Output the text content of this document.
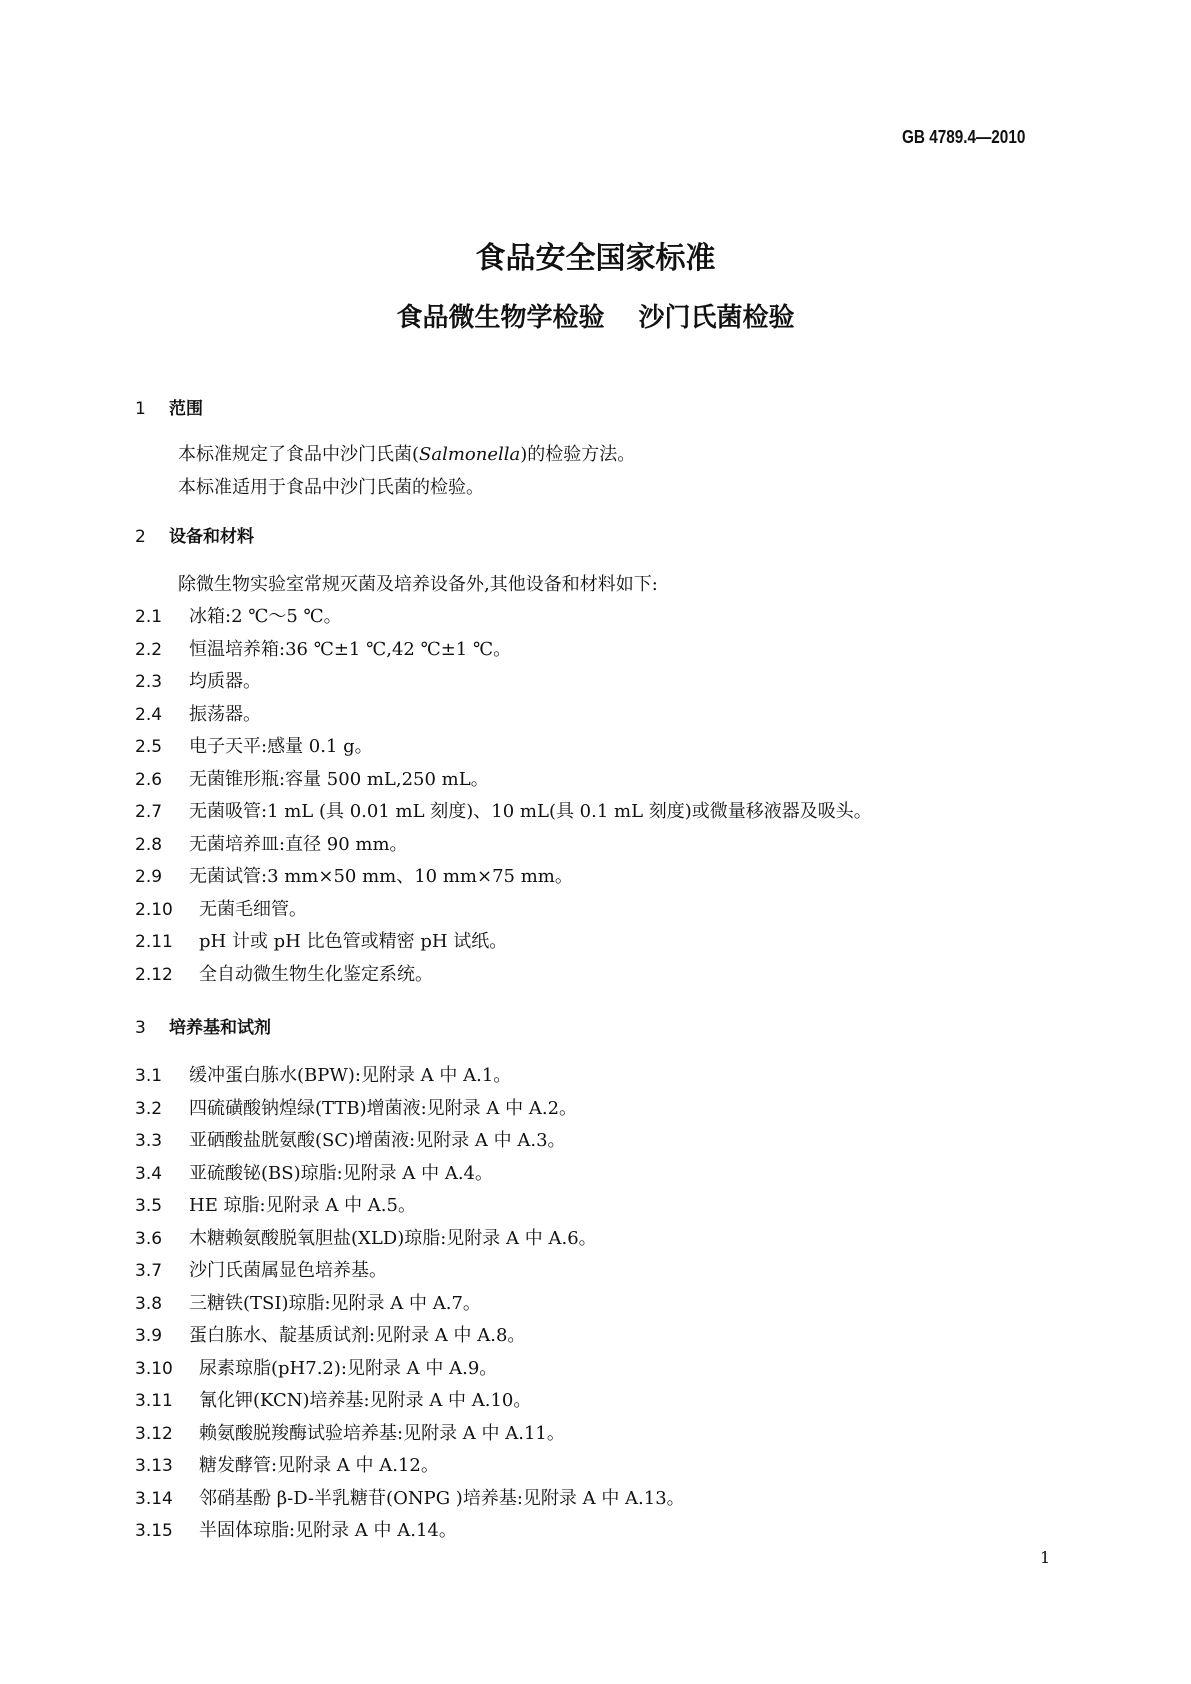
GB 4789.4—2010
食品安全国家标准
食品微生物学检验 沙门氏菌检验
1 范围
本标准规定了食品中沙门氏菌(Salmonella)的检验方法。
本标准适用于食品中沙门氏菌的检验。
2 设备和材料
除微生物实验室常规灭菌及培养设备外,其他设备和材料如下:
2.1 冰箱:2 ℃～5 ℃。
2.2 恒温培养箱:36 ℃±1 ℃,42 ℃±1 ℃。
2.3 均质器。
2.4 振荡器。
2.5 电子天平:感量 0.1 g。
2.6 无菌锥形瓶:容量 500 mL,250 mL。
2.7 无菌吸管:1 mL (具 0.01 mL 刻度)、10 mL(具 0.1 mL 刻度)或微量移液器及吸头。
2.8 无菌培养皿:直径 90 mm。
2.9 无菌试管:3 mm×50 mm、10 mm×75 mm。
2.10 无菌毛细管。
2.11 pH 计或 pH 比色管或精密 pH 试纸。
2.12 全自动微生物生化鉴定系统。
3 培养基和试剂
3.1 缓冲蛋白胨水(BPW):见附录 A 中 A.1。
3.2 四硫磺酸钠煌绿(TTB)增菌液:见附录 A 中 A.2。
3.3 亚硒酸盐胱氨酸(SC)增菌液:见附录 A 中 A.3。
3.4 亚硫酸铋(BS)琼脂:见附录 A 中 A.4。
3.5 HE 琼脂:见附录 A 中 A.5。
3.6 木糖赖氨酸脱氧胆盐(XLD)琼脂:见附录 A 中 A.6。
3.7 沙门氏菌属显色培养基。
3.8 三糖铁(TSI)琼脂:见附录 A 中 A.7。
3.9 蛋白胨水、靛基质试剂:见附录 A 中 A.8。
3.10 尿素琼脂(pH7.2):见附录 A 中 A.9。
3.11 氰化钾(KCN)培养基:见附录 A 中 A.10。
3.12 赖氨酸脱羧酶试验培养基:见附录 A 中 A.11。
3.13 糖发酵管:见附录 A 中 A.12。
3.14 邻硝基酚 β-D-半乳糖苷(ONPG )培养基:见附录 A 中 A.13。
3.15 半固体琼脂:见附录 A 中 A.14。
1
